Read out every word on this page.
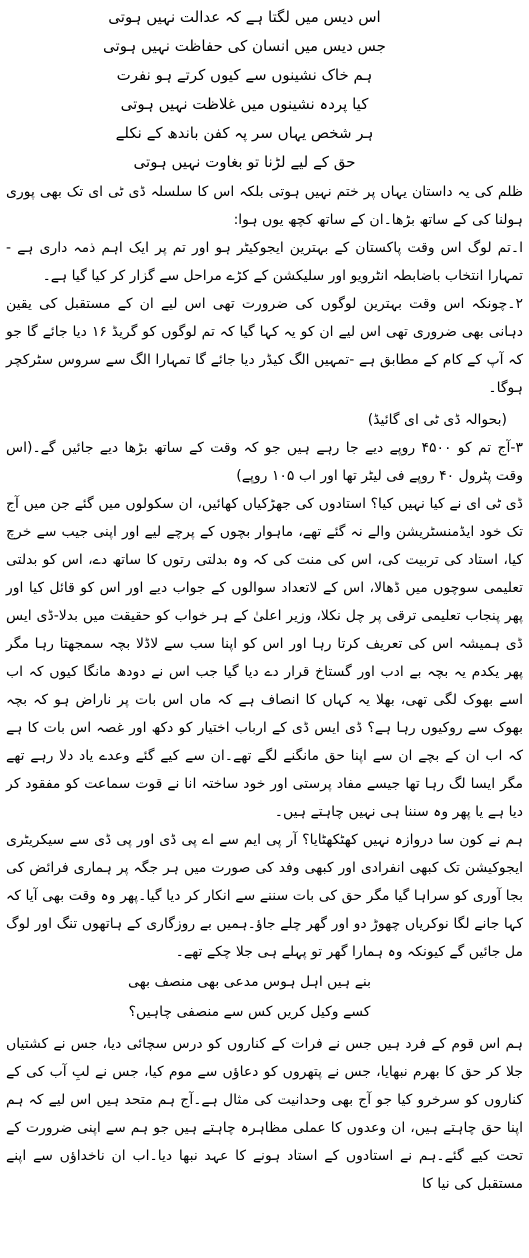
اس دیس میں لگتا ہے کہ عدالت نہیں ہوتی

جس دیس میں انسان کی حفاظت نہیں ہوتی

ہم خاک نشینوں سے کیوں کرتے ہو نفرت

کیا پردہ نشینوں میں غلاظت نہیں ہوتی

ہر شخص یہاں سر پہ کفن باندھ کے نکلے

حق کے لیے لڑنا تو بغاوت نہیں ہوتی

ظلم کی یہ داستان یہاں پر ختم نہیں ہوتی بلکہ اس کا سلسلہ ڈی ٹی ای تک بھی پوری ہولنا کی کے ساتھ بڑھا۔ان کے ساتھ کچھ یوں ہوا:

ا۔تم لوگ اس وقت پاکستان کے بہترین ایجوکیٹر ہو اور تم پر ایک اہم ذمہ داری ہے - تمہارا انتخاب باضابطہ انٹرویو اور سلیکشن کے کڑے مراحل سے گزار کر کیا گیا ہے۔

۲۔چونکہ اس وقت بہترین لوگوں کی ضرورت تھی اس لیے ان کے مستقبل کی یقین دہانی بھی ضروری تھی اس لیے ان کو یہ کہا گیا کہ تم لوگوں کو گریڈ ۱۶ دیا جائے گا جو کہ آپ کے کام کے مطابق ہے -تمہیں الگ کیڈر دیا جائے گا تمہارا الگ سے سروس سٹرکچر ہوگا۔

(بحوالہ ڈی ٹی ای گائیڈ)

۳-آج تم کو ۴۵۰۰ روپے دیے جا رہے ہیں جو کہ وقت کے ساتھ بڑھا دیے جائیں گے۔(اس وقت پٹرول ۴۰ روپے فی لیٹر تھا اور اب ۱۰۵ روپے)

ڈی ٹی ای نے کیا نہیں کیا؟ استادوں کی جھڑکیاں کھائیں، ان سکولوں میں گئے جن میں آج تک خود ایڈمنسٹریشن والے نہ گئے تھے، ماہوار بچوں کے پرچے لیے اور اپنی جیب سے خرچ کیا، استاد کی تربیت کی، اس کی منت کی کہ وہ بدلتی رتوں کا ساتھ دے، اس کو بدلتی تعلیمی سوچوں میں ڈھالا، اس کے لاتعداد سوالوں کے جواب دیے اور اس کو قائل کیا اور پھر پنجاب تعلیمی ترقی پر چل نکلا، وزیر اعلیٰ کے ہر خواب کو حقیقت میں بدلا-ڈی ایس ڈی ہمیشہ اس کی تعریف کرتا رہا اور اس کو اپنا سب سے لاڈلا بچہ سمجھتا رہا مگر پھر یکدم یہ بچہ بے ادب اور گستاخ قرار دے دیا گیا جب اس نے دودھ مانگا کیوں کہ اب اسے بھوک لگی تھی، بھلا یہ کہاں کا انصاف ہے کہ ماں اس بات پر ناراض ہو کہ بچہ بھوک سے روکیوں رہا ہے؟ ڈی ایس ڈی کے ارباب اختیار کو دکھ اور غصہ اس بات کا ہے کہ اب ان کے بچے ان سے اپنا حق مانگنے لگے تھے۔ان سے کیے گئے وعدے یاد دلا رہے تھے مگر ایسا لگ رہا تھا جیسے مفاد پرستی اور خود ساختہ انا نے قوت سماعت کو مفقود کر دیا ہے یا پھر وہ سننا ہی نہیں چاہتے ہیں۔

ہم نے کون سا دروازہ نہیں کھٹکھٹایا؟ آر پی ایم سے اے پی ڈی اور پی ڈی سے سیکریٹری ایجوکیشن تک کبھی انفرادی اور کبھی وفد کی صورت میں ہر جگہ پر ہماری فرائض کی بجا آوری کو سراہا گیا مگر حق کی بات سننے سے انکار کر دیا گیا۔پھر وہ وقت بھی آیا کہ کہا جانے لگا نوکریاں چھوڑ دو اور گھر چلے جاؤ۔ہمیں بے روزگاری کے ہاتھوں تنگ اور لوگ مل جائیں گے کیونکہ وہ ہمارا گھر تو پہلے ہی جلا چکے تھے۔

بنے ہیں اہل ہوس مدعی بھی منصف بھی

کسے وکیل کریں کس سے منصفی چاہیں؟

ہم اس قوم کے فرد ہیں جس نے فرات کے کناروں کو درس سچائی دیا، جس نے کشتیاں جلا کر حق کا بھرم نبھایا، جس نے پتھروں کو دعاؤں سے موم کیا، جس نے لبِ آب کی کے کناروں کو سرخرو کیا جو آج بھی وحدانیت کی مثال ہے۔آج ہم متحد ہیں اس لیے کہ ہم اپنا حق چاہتے ہیں، ان وعدوں کا عملی مظاہرہ چاہتے ہیں جو ہم سے اپنی ضرورت کے تحت کیے گئے۔ہم نے استادوں کے استاد ہونے کا عہد نبھا دیا۔اب ان ناخداؤں سے اپنے مستقبل کی نیا کا
